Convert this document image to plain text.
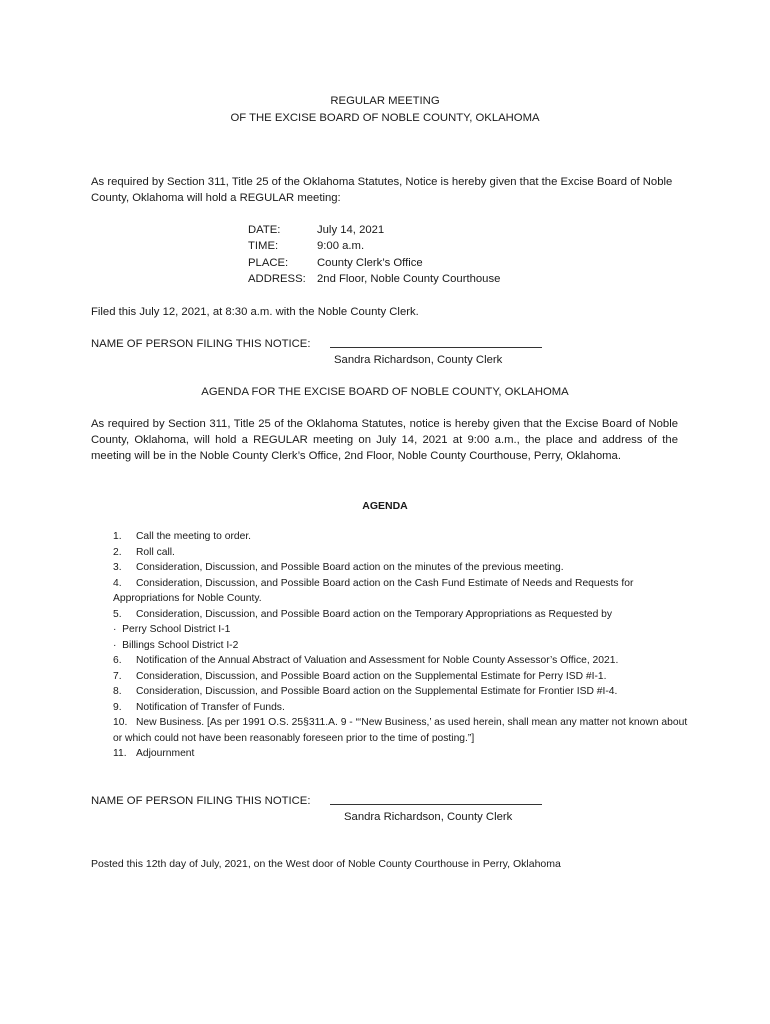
REGULAR MEETING
OF THE EXCISE BOARD OF NOBLE COUNTY, OKLAHOMA
As required by Section 311, Title 25 of the Oklahoma Statutes, Notice is hereby given that the Excise Board of Noble County, Oklahoma will hold a REGULAR meeting:
DATE:	July 14, 2021
TIME:	9:00 a.m.
PLACE:	County Clerk’s Office
ADDRESS: 2nd Floor, Noble County Courthouse
Filed this July 12, 2021, at 8:30 a.m. with the Noble County Clerk.
NAME OF PERSON FILING THIS NOTICE:
Sandra Richardson, County Clerk
AGENDA FOR THE EXCISE BOARD OF NOBLE COUNTY, OKLAHOMA
As required by Section 311, Title 25 of the Oklahoma Statutes, notice is hereby given that the Excise Board of Noble County, Oklahoma, will hold a REGULAR meeting on July 14, 2021 at 9:00 a.m., the place and address of the meeting will be in the Noble County Clerk’s Office, 2nd Floor, Noble County Courthouse, Perry, Oklahoma.
AGENDA
1. Call the meeting to order.
2. Roll call.
3. Consideration, Discussion, and Possible Board action on the minutes of the previous meeting.
4. Consideration, Discussion, and Possible Board action on the Cash Fund Estimate of Needs and Requests for Appropriations for Noble County.
5. Consideration, Discussion, and Possible Board action on the Temporary Appropriations as Requested by
· Perry School District I-1
· Billings School District I-2
6. Notification of the Annual Abstract of Valuation and Assessment for Noble County Assessor’s Office, 2021.
7. Consideration, Discussion, and Possible Board action on the Supplemental Estimate for Perry ISD #I-1.
8. Consideration, Discussion, and Possible Board action on the Supplemental Estimate for Frontier ISD #I-4.
9. Notification of Transfer of Funds.
10. New Business. [As per 1991 O.S. 25§311.A. 9 - “‘New Business,’ as used herein, shall mean any matter not known about or which could not have been reasonably foreseen prior to the time of posting.”]
11. Adjournment
NAME OF PERSON FILING THIS NOTICE:
Sandra Richardson, County Clerk
Posted this 12th day of July, 2021, on the West door of Noble County Courthouse in Perry, Oklahoma
